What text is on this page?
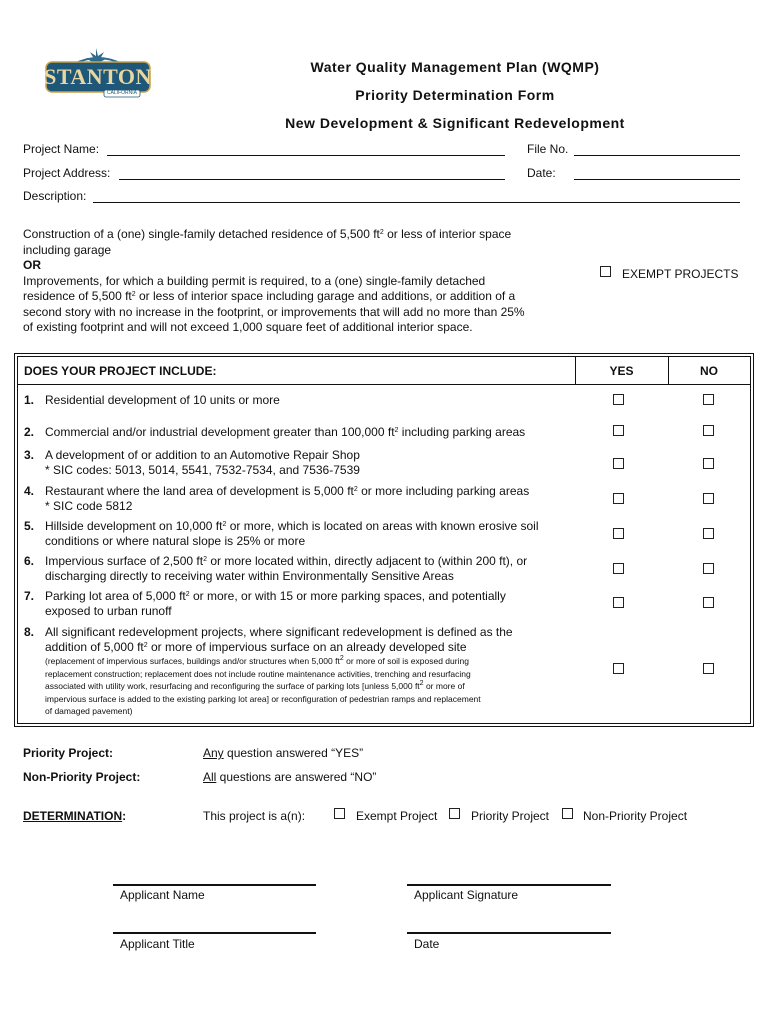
STANTON
CALIFORNIA
Water Quality Management Plan (WQMP)
Priority Determination Form
New Development & Significant Redevelopment
Project Name:	File No.
Project Address:	Date:
Description:
Construction of a (one) single-family detached residence of 5,500 $ft^2$ or less of interior space
including garage
OR
Improvements, for which a building permit is required, to a (one) single-family detached
residence of 5,500 $ft^2$ or less of interior space including garage and additions, or addition of a
second story with no increase in the footprint, or improvements that will add no more than 25%
of existing footprint and will not exceed 1,000 square feet of additional interior space.
EXEMPT PROJECTS
DOES YOUR PROJECT INCLUDE:	YES	NO
1. Residential development of 10 units or more
2. Commercial and/or industrial development greater than 100,000 $ft^2$ including parking areas
3. A development of or addition to an Automotive Repair Shop
* SIC codes: 5013, 5014, 5541, 7532-7534, and 7536-7539
4. Restaurant where the land area of development is 5,000 $ft^2$ or more including parking areas
* SIC code 5812
5. Hillside development on 10,000 $ft^2$ or more, which is located on areas with known erosive soil
conditions or where natural slope is 25% or more
6. Impervious surface of 2,500 $ft^2$ or more located within, directly adjacent to (within 200 ft), or
discharging directly to receiving water within Environmentally Sensitive Areas
7. Parking lot area of 5,000 $ft^2$ or more, or with 15 or more parking spaces, and potentially
exposed to urban runoff
8. All significant redevelopment projects, where significant redevelopment is defined as the
addition of 5,000 $ft^2$ or more of impervious surface on an already developed site
(replacement of impervious surfaces, buildings and/or structures when 5,000 $ft^2$ or more of soil is exposed during
replacement construction; replacement does not include routine maintenance activities, trenching and resurfacing
associated with utility work, resurfacing and reconfiguring the surface of parking lots [unless 5,000 $ft^2$ or more of
impervious surface is added to the existing parking lot area] or reconfiguration of pedestrian ramps and replacement
of damaged pavement)
Priority Project:	Any question answered “YES”
Non-Priority Project:	All questions are answered “NO”
DETERMINATION:	This project is a(n):	Exempt Project	Priority Project	Non-Priority Project
Applicant Name	Applicant Signature
Applicant Title	Date
